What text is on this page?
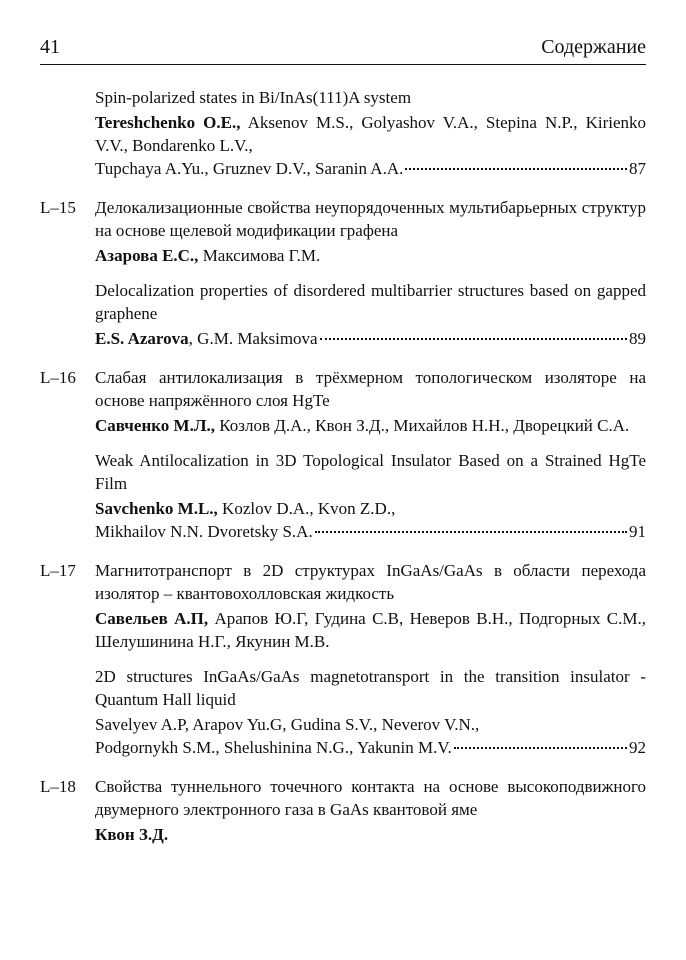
41	Содержание
Spin-polarized states in Bi/InAs(111)A system
Tereshchenko O.E., Aksenov M.S., Golyashov V.A., Stepina N.P., Kirienko V.V., Bondarenko L.V.,
Tupchaya A.Yu., Gruznev D.V., Saranin A.A.	87
L–15 Делокализационные свойства неупорядоченных мультибарьерных структур на основе щелевой модификации графена
Азарова Е.С., Максимова Г.М.
Delocalization properties of disordered multibarrier structures based on gapped graphene
E.S. Azarova, G.M. Maksimova	89
L–16 Слабая антилокализация в трёхмерном топологическом изоляторе на основе напряжённого слоя HgTe
Савченко М.Л., Козлов Д.А., Квон З.Д., Михайлов Н.Н., Дворецкий С.А.
Weak Antilocalization in 3D Topological Insulator Based on a Strained HgTe Film
Savchenko M.L., Kozlov D.A., Kvon Z.D.,
Mikhailov N.N. Dvoretsky S.A.	91
L–17 Магнитотранспорт в 2D структурах InGaAs/GaAs в области перехода изолятор – квантовохолловская жидкость
Савельев А.П, Арапов Ю.Г, Гудина С.В, Неверов В.Н., Подгорных С.М., Шелушинина Н.Г., Якунин М.В.
2D structures InGaAs/GaAs magnetotransport in the transition insulator - Quantum Hall liquid
Savelyev A.P, Arapov Yu.G, Gudina S.V., Neverov V.N.,
Podgornykh S.M., Shelushinina N.G., Yakunin M.V.	92
L–18 Свойства туннельного точечного контакта на основе высокоподвижного двумерного электронного газа в GaAs квантовой яме
Квон З.Д.
